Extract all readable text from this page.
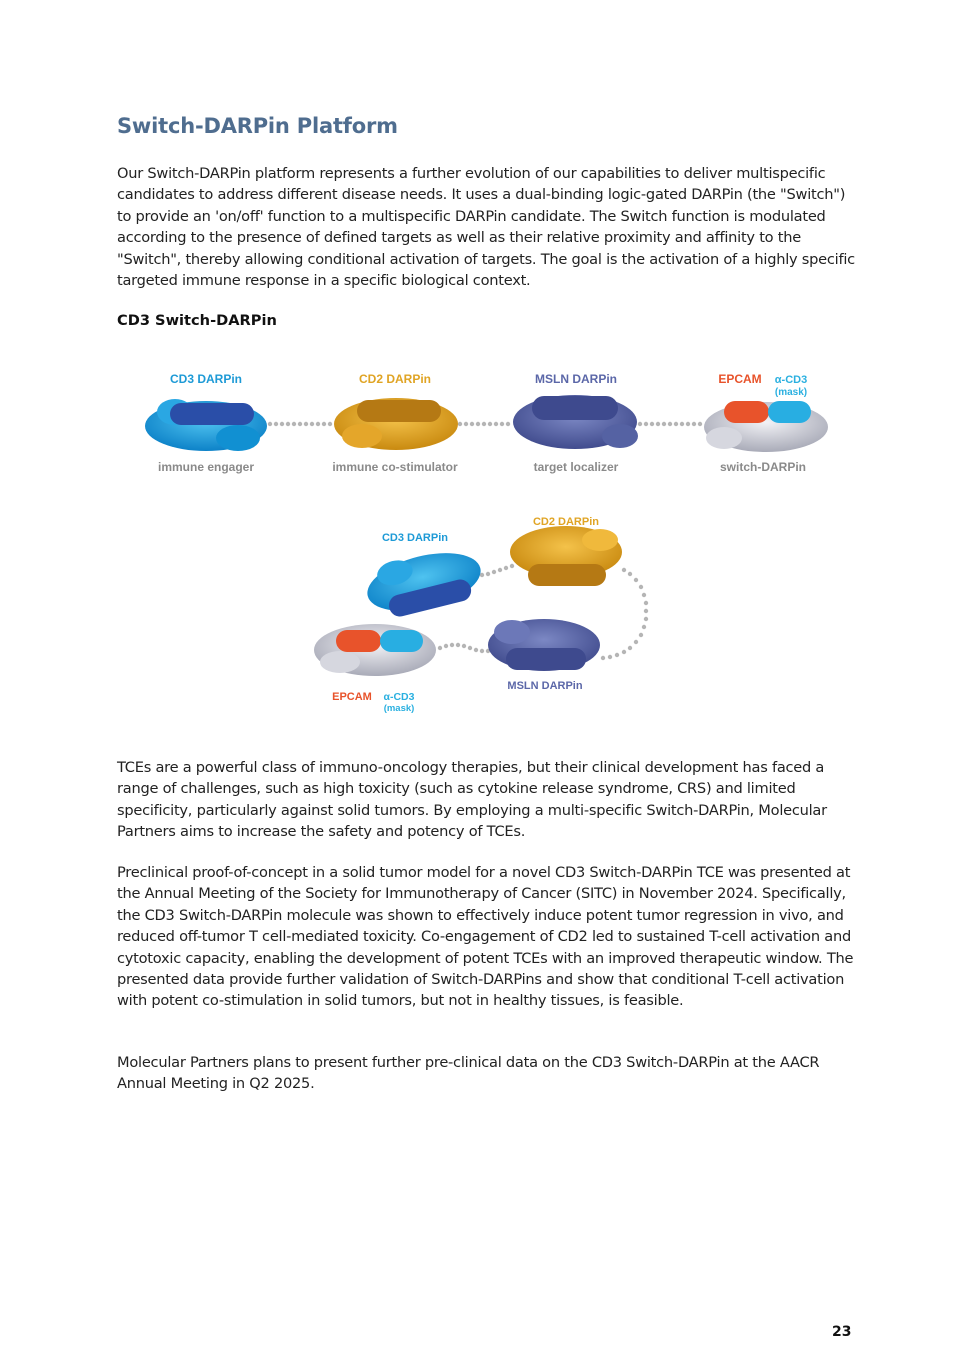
Switch-DARPin Platform

Our Switch-DARPin platform represents a further evolution of our capabilities to deliver multispecific candidates to address different disease needs. It uses a dual-binding logic-gated DARPin (the "Switch") to provide an 'on/off' function to a multispecific DARPin candidate. The Switch function is modulated according to the presence of defined targets as well as their relative proximity and affinity to the "Switch", thereby allowing conditional activation of targets. The goal is the activation of a highly specific targeted immune response in a specific biological context.

CD3 Switch-DARPin
CD3 DARPin	CD2 DARPin	MSLN DARPin	EPCAM α-CD3
(mask)
immune engager	immune co-stimulator	target localizer	switch-DARPin
CD3 DARPin
CD2 DARPin
MSLN DARPin
EPCAM α-CD3
(mask)

TCEs are a powerful class of immuno-oncology therapies, but their clinical development has faced a range of challenges, such as high toxicity (such as cytokine release syndrome, CRS) and limited specificity, particularly against solid tumors. By employing a multi-specific Switch-DARPin, Molecular Partners aims to increase the safety and potency of TCEs.

Preclinical proof-of-concept in a solid tumor model for a novel CD3 Switch-DARPin TCE was presented at the Annual Meeting of the Society for Immunotherapy of Cancer (SITC) in November 2024. Specifically, the CD3 Switch-DARPin molecule was shown to effectively induce potent tumor regression in vivo, and reduced off-tumor T cell-mediated toxicity. Co-engagement of CD2 led to sustained T-cell activation and cytotoxic capacity, enabling the development of potent TCEs with an improved therapeutic window. The presented data provide further validation of Switch-DARPins and show that conditional T-cell activation with potent co-stimulation in solid tumors, but not in healthy tissues, is feasible.

Molecular Partners plans to present further pre-clinical data on the CD3 Switch-DARPin at the AACR Annual Meeting in Q2 2025.

23
